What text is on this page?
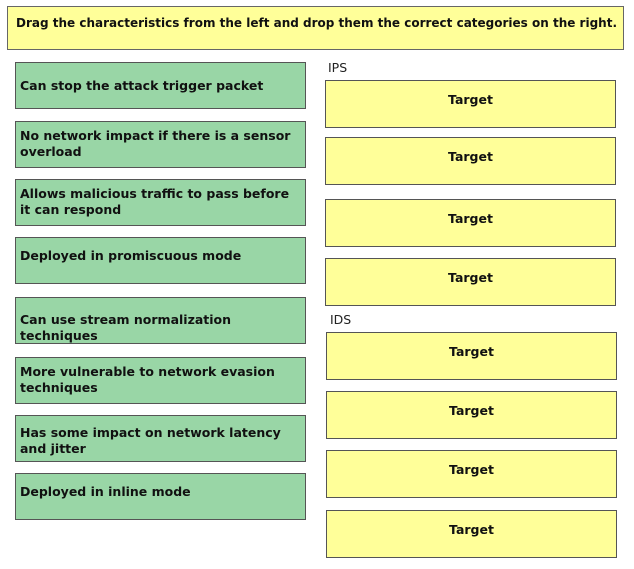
Drag the characteristics from the left and drop them the correct categories on the right.
Can stop the attack trigger packet
No network impact if there is a sensor overload
Allows malicious traffic to pass before it can respond
Deployed in promiscuous mode
Can use stream normalization techniques
More vulnerable to network evasion techniques
Has some impact on network latency and jitter
Deployed in inline mode
IPS
Target
Target
Target
Target
IDS
Target
Target
Target
Target
